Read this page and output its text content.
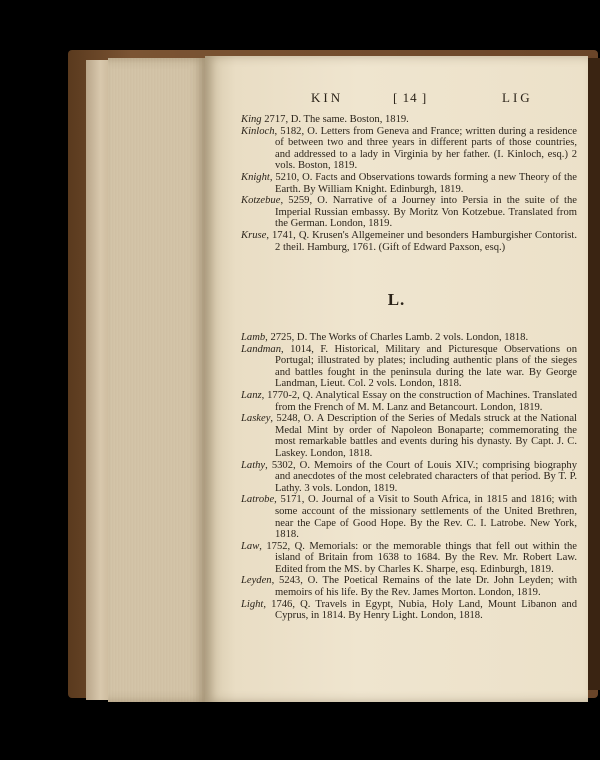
KIN	[ 14 ]	LIG

King 2717, D. The same. Boston, 1819.

Kinloch, 5182, O. Letters from Geneva and France; written during a residence of between two and three years in different parts of those countries, and addressed to a lady in Virginia by her father. (I. Kinloch, esq.) 2 vols. Boston, 1819.

Knight, 5210, O. Facts and Observations towards forming a new Theory of the Earth. By William Knight. Edinburgh, 1819.

Kotzebue, 5259, O. Narrative of a Journey into Persia in the suite of the Imperial Russian embassy. By Moritz Von Kotzebue. Translated from the German. London, 1819.

Kruse, 1741, Q. Krusen's Allgemeiner und besonders Hamburgisher Contorist. 2 theil. Hamburg, 1761. (Gift of Edward Paxson, esq.)

L.

Lamb, 2725, D. The Works of Charles Lamb. 2 vols. London, 1818.

Landman, 1014, F. Historical, Military and Picturesque Observations on Portugal; illustrated by plates; including authentic plans of the sieges and battles fought in the peninsula during the late war. By George Landman, Lieut. Col. 2 vols. London, 1818.

Lanz, 1770-2, Q. Analytical Essay on the construction of Machines. Translated from the French of M. M. Lanz and Betancourt. London, 1819.

Laskey, 5248, O. A Description of the Series of Medals struck at the National Medal Mint by order of Napoleon Bonaparte; commemorating the most remarkable battles and events during his dynasty. By Capt. J. C. Laskey. London, 1818.

Lathy, 5302, O. Memoirs of the Court of Louis XIV.; comprising biography and anecdotes of the most celebrated characters of that period. By T. P. Lathy. 3 vols. London, 1819.

Latrobe, 5171, O. Journal of a Visit to South Africa, in 1815 and 1816; with some account of the missionary settlements of the United Brethren, near the Cape of Good Hope. By the Rev. C. I. Latrobe. New York, 1818.

Law, 1752, Q. Memorials: or the memorable things that fell out within the island of Britain from 1638 to 1684. By the Rev. Mr. Robert Law. Edited from the MS. by Charles K. Sharpe, esq. Edinburgh, 1819.

Leyden, 5243, O. The Poetical Remains of the late Dr. John Leyden; with memoirs of his life. By the Rev. James Morton. London, 1819.

Light, 1746, Q. Travels in Egypt, Nubia, Holy Land, Mount Libanon and Cyprus, in 1814. By Henry Light. London, 1818.
